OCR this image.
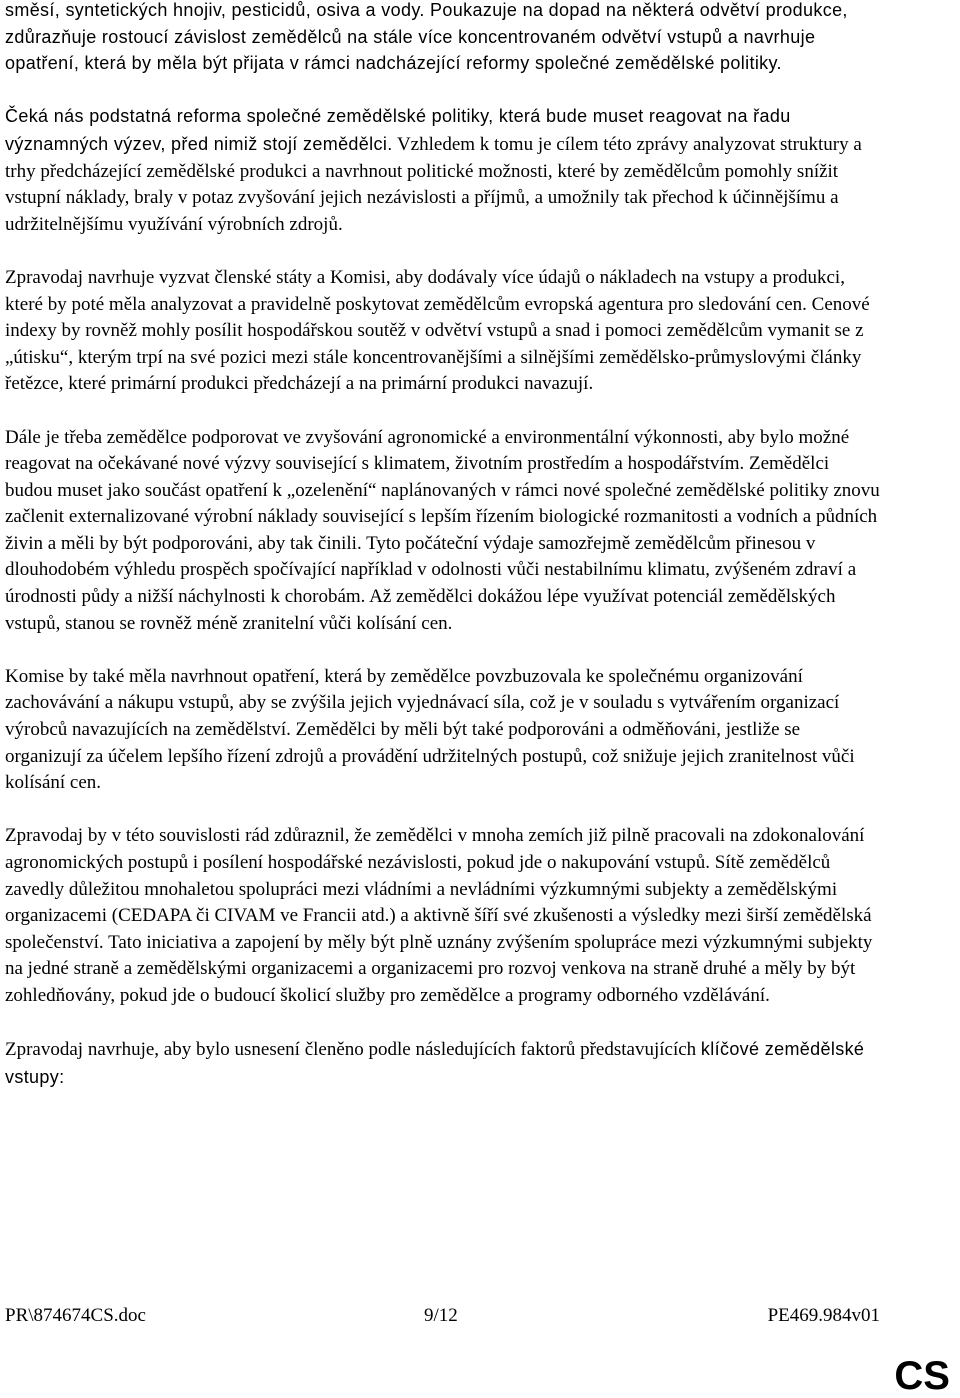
směsí, syntetických hnojiv, pesticidů, osiva a vody. Poukazuje na dopad na některá odvětví produkce, zdůrazňuje rostoucí závislost zemědělců na stále více koncentrovaném odvětví vstupů a navrhuje opatření, která by měla být přijata v rámci nadcházející reformy společné zemědělské politiky.

Čeká nás podstatná reforma společné zemědělské politiky, která bude muset reagovat na řadu významných výzev, před nimiž stojí zemědělci. Vzhledem k tomu je cílem této zprávy analyzovat struktury a trhy předcházející zemědělské produkci a navrhnout politické možnosti, které by zemědělcům pomohly snížit vstupní náklady, braly v potaz zvyšování jejich nezávislosti a příjmů, a umožnily tak přechod k účinnějšímu a udržitelnějšímu využívání výrobních zdrojů.

Zpravodaj navrhuje vyzvat členské státy a Komisi, aby dodávaly více údajů o nákladech na vstupy a produkci, které by poté měla analyzovat a pravidelně poskytovat zemědělcům evropská agentura pro sledování cen. Cenové indexy by rovněž mohly posílit hospodářskou soutěž v odvětví vstupů a snad i pomoci zemědělcům vymanit se z „útisku“, kterým trpí na své pozici mezi stále koncentrovanějšími a silnějšími zemědělsko-průmyslovými články řetězce, které primární produkci předcházejí a na primární produkci navazují.

Dále je třeba zemědělce podporovat ve zvyšování agronomické a environmentální výkonnosti, aby bylo možné reagovat na očekávané nové výzvy související s klimatem, životním prostředím a hospodářstvím. Zemědělci budou muset jako součást opatření k „ozelenění“ naplánovaných v rámci nové společné zemědělské politiky znovu začlenit externalizované výrobní náklady související s lepším řízením biologické rozmanitosti a vodních a půdních živin a měli by být podporováni, aby tak činili. Tyto počáteční výdaje samozřejmě zemědělcům přinesou v dlouhodobém výhledu prospěch spočívající například v odolnosti vůči nestabilnímu klimatu, zvýšeném zdraví a úrodnosti půdy a nižší náchylnosti k chorobám. Až zemědělci dokážou lépe využívat potenciál zemědělských vstupů, stanou se rovněž méně zranitelní vůči kolísání cen.

Komise by také měla navrhnout opatření, která by zemědělce povzbuzovala ke společnému organizování zachovávání a nákupu vstupů, aby se zvýšila jejich vyjednávací síla, což je v souladu s vytvářením organizací výrobců navazujících na zemědělství. Zemědělci by měli být také podporováni a odměňováni, jestliže se organizují za účelem lepšího řízení zdrojů a provádění udržitelných postupů, což snižuje jejich zranitelnost vůči kolísání cen.

Zpravodaj by v této souvislosti rád zdůraznil, že zemědělci v mnoha zemích již pilně pracovali na zdokonalování agronomických postupů i posílení hospodářské nezávislosti, pokud jde o nakupování vstupů. Sítě zemědělců zavedly důležitou mnohaletou spolupráci mezi vládními a nevládními výzkumnými subjekty a zemědělskými organizacemi (CEDAPA či CIVAM ve Francii atd.) a aktivně šíří své zkušenosti a výsledky mezi širší zemědělská společenství. Tato iniciativa a zapojení by měly být plně uznány zvýšením spolupráce mezi výzkumnými subjekty na jedné straně a zemědělskými organizacemi a organizacemi pro rozvoj venkova na straně druhé a měly by být zohledňovány, pokud jde o budoucí školicí služby pro zemědělce a programy odborného vzdělávání.

Zpravodaj navrhuje, aby bylo usnesení členěno podle následujících faktorů představujících klíčové zemědělské vstupy:

PR\874674CS.doc	9/12	PE469.984v01
CS
